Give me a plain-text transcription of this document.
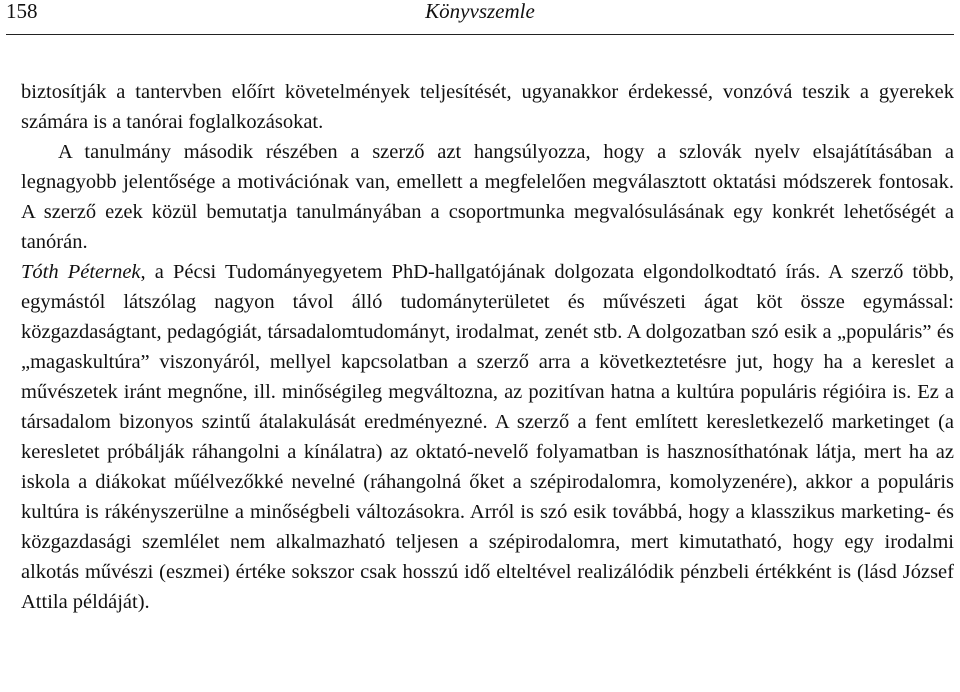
158	Könyvszemle

biztosítják a tantervben előírt követelmények teljesítését, ugyanakkor érdekessé, vonzóvá teszik a gyerekek számára is a tanórai foglalkozásokat.

A tanulmány második részében a szerző azt hangsúlyozza, hogy a szlovák nyelv elsajátításában a legnagyobb jelentősége a motivációnak van, emellett a megfelelően megválasztott oktatási módszerek fontosak. A szerző ezek közül bemutatja tanulmányában a csoportmunka megvalósulásának egy konkrét lehetőségét a tanórán.

Tóth Péternek, a Pécsi Tudományegyetem PhD-hallgatójának dolgozata elgondolkodtató írás. A szerző több, egymástól látszólag nagyon távol álló tudományterületet és művészeti ágat köt össze egymással: közgazdaságtant, pedagógiát, társadalomtudományt, irodalmat, zenét stb. A dolgozatban szó esik a „populáris” és „magaskultúra” viszonyáról, mellyel kapcsolatban a szerző arra a következtetésre jut, hogy ha a kereslet a művészetek iránt megnőne, ill. minőségileg megváltozna, az pozitívan hatna a kultúra populáris régióira is. Ez a társadalom bizonyos szintű átalakulását eredményezné. A szerző a fent említett keresletkezelő marketinget (a keresletet próbálják ráhangolni a kínálatra) az oktató-nevelő folyamatban is hasznosíthatónak látja, mert ha az iskola a diákokat műélvezőkké nevelné (ráhangolná őket a szépirodalomra, komolyzenére), akkor a populáris kultúra is rákényszerülne a minőségbeli változásokra. Arról is szó esik továbbá, hogy a klasszikus marketing- és közgazdasági szemlélet nem alkalmazható teljesen a szépirodalomra, mert kimutatható, hogy egy irodalmi alkotás művészi (eszmei) értéke sokszor csak hosszú idő elteltével realizálódik pénzbeli értékként is (lásd József Attila példáját).
